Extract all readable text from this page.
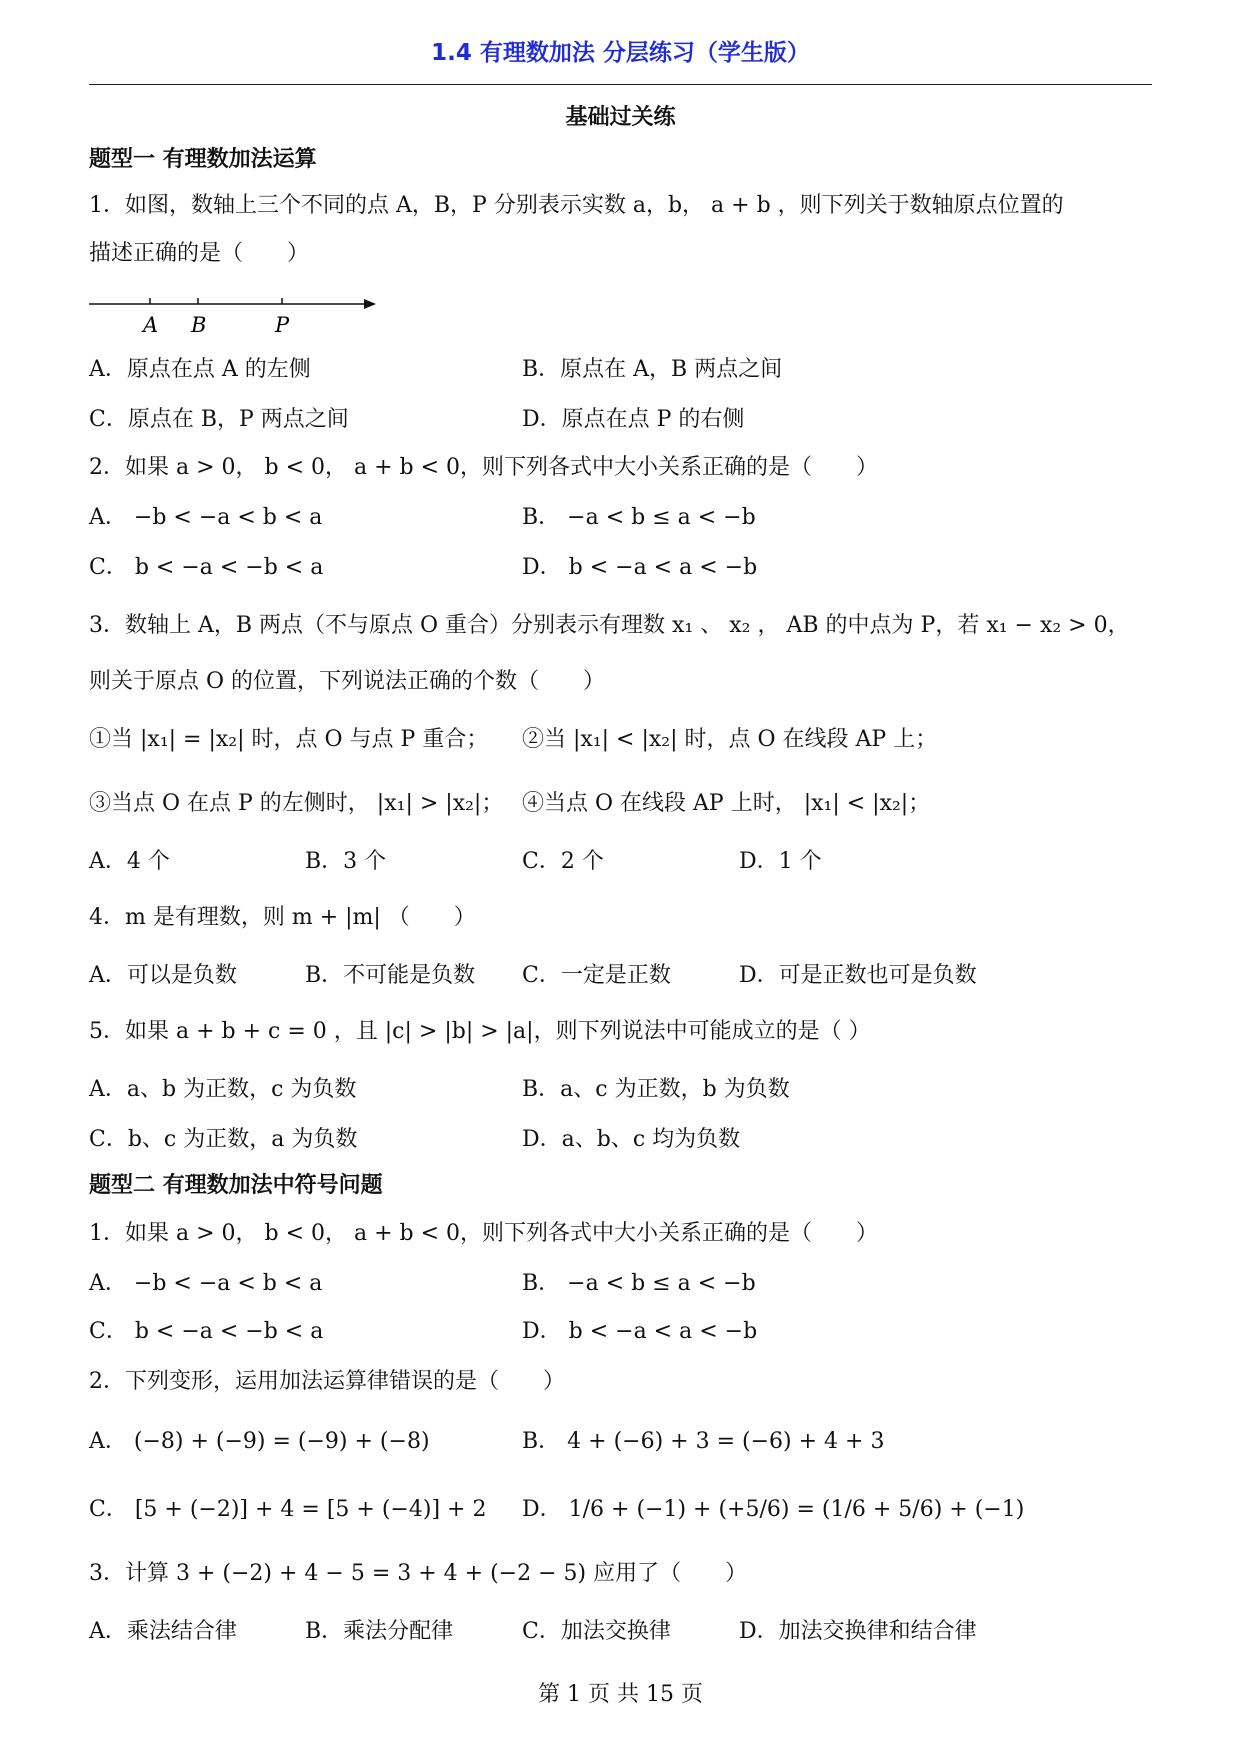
1.4 有理数加法 分层练习（学生版）
基础过关练
题型一 有理数加法运算
1．如图，数轴上三个不同的点 A，B，P 分别表示实数 a，b， a + b ，则下列关于数轴原点位置的
描述正确的是（　　）
A B	P
A．原点在点 A 的左侧	B．原点在 A，B 两点之间
C．原点在 B，P 两点之间	D．原点在点 P 的右侧
2．如果 a > 0， b < 0， a + b < 0，则下列各式中大小关系正确的是（　　）
A． −b < −a < b < a	B． −a < b ≤ a < −b
C． b < −a < −b < a	D． b < −a < a < −b
3．数轴上 A，B 两点（不与原点 O 重合）分别表示有理数 x₁ 、 x₂ ， AB 的中点为 P，若 x₁ − x₂ > 0，
则关于原点 O 的位置，下列说法正确的个数（　　）
①当 |x₁| = |x₂| 时，点 O 与点 P 重合； ②当 |x₁| < |x₂| 时，点 O 在线段 AP 上；
③当点 O 在点 P 的左侧时， |x₁| > |x₂|； ④当点 O 在线段 AP 上时， |x₁| < |x₂|；
A．4 个	B．3 个	C．2 个	D．1 个
4．m 是有理数，则 m + |m| （　　）
A．可以是负数	B．不可能是负数 C．一定是正数	D．可是正数也可是负数
5．如果 a + b + c = 0 ，且 |c| > |b| > |a|，则下列说法中可能成立的是（ ）
A．a、b 为正数，c 为负数	B．a、c 为正数，b 为负数
C．b、c 为正数，a 为负数	D．a、b、c 均为负数
题型二 有理数加法中符号问题
1．如果 a > 0， b < 0， a + b < 0，则下列各式中大小关系正确的是（　　）
A． −b < −a < b < a	B． −a < b ≤ a < −b
C． b < −a < −b < a	D． b < −a < a < −b
2．下列变形，运用加法运算律错误的是（　　）
A． (−8) + (−9) = (−9) + (−8)	B． 4 + (−6) + 3 = (−6) + 4 + 3
C． [5 + (−2)] + 4 = [5 + (−4)] + 2 D． 1/6 + (−1) + (+5/6) = (1/6 + 5/6) + (−1)
3．计算 3 + (−2) + 4 − 5 = 3 + 4 + (−2 − 5) 应用了（　　）
A．乘法结合律	B．乘法分配律	C．加法交换律	D．加法交换律和结合律
第 1 页 共 15 页
